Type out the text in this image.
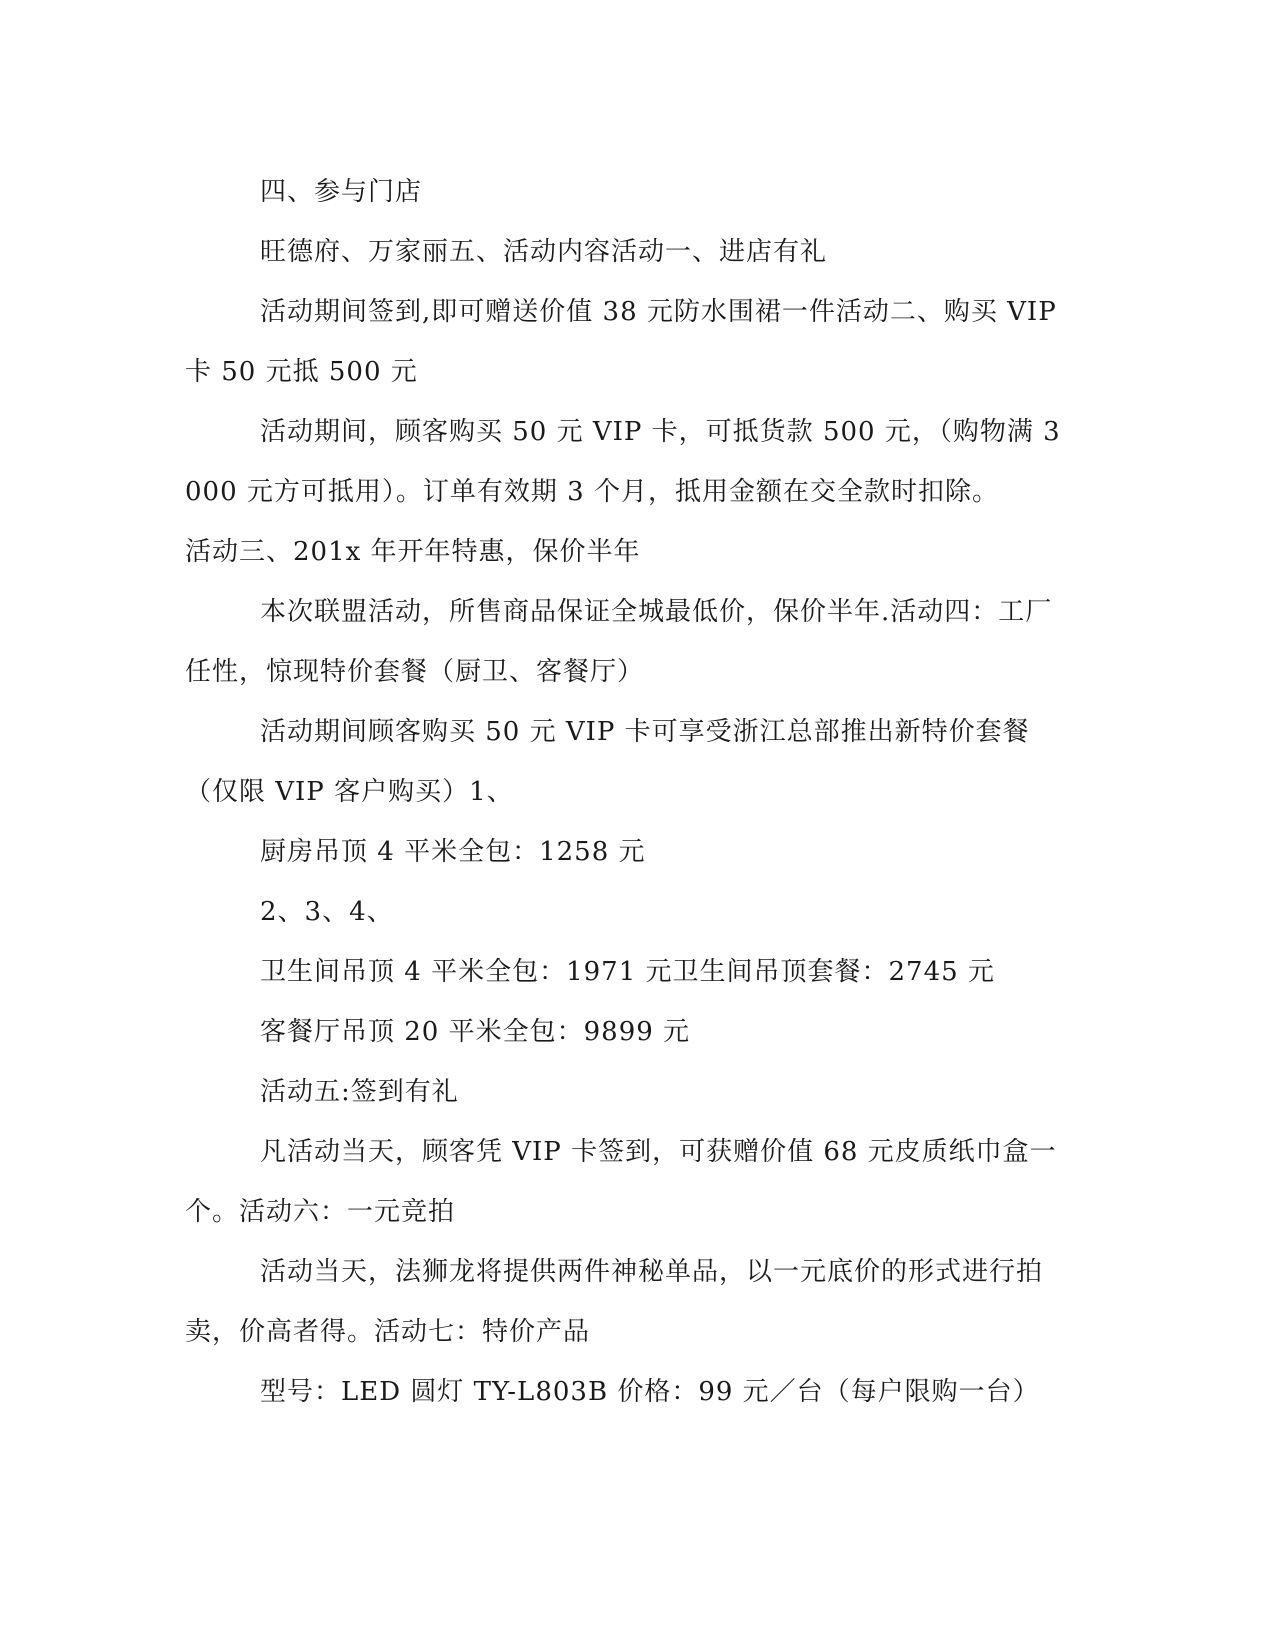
四、参与门店

旺德府、万家丽五、活动内容活动一、进店有礼

活动期间签到,即可赠送价值 38 元防水围裙一件活动二、购买 VIP 卡 50 元抵 500 元

活动期间，顾客购买 50 元 VIP 卡，可抵货款 500 元，（购物满 3000 元方可抵用）。订单有效期 3 个月，抵用金额在交全款时扣除。

活动三、201x 年开年特惠，保价半年

本次联盟活动，所售商品保证全城最低价，保价半年.活动四：工厂任性，惊现特价套餐（厨卫、客餐厅）

活动期间顾客购买 50 元 VIP 卡可享受浙江总部推出新特价套餐（仅限 VIP 客户购买）1、

厨房吊顶 4 平米全包：1258 元

2、3、4、

卫生间吊顶 4 平米全包：1971 元卫生间吊顶套餐：2745 元

客餐厅吊顶 20 平米全包：9899 元

活动五:签到有礼

凡活动当天，顾客凭 VIP 卡签到，可获赠价值 68 元皮质纸巾盒一个。活动六：一元竞拍

活动当天，法狮龙将提供两件神秘单品，以一元底价的形式进行拍卖，价高者得。活动七：特价产品

型号：LED 圆灯 TY-L803B 价格：99 元／台（每户限购一台）
